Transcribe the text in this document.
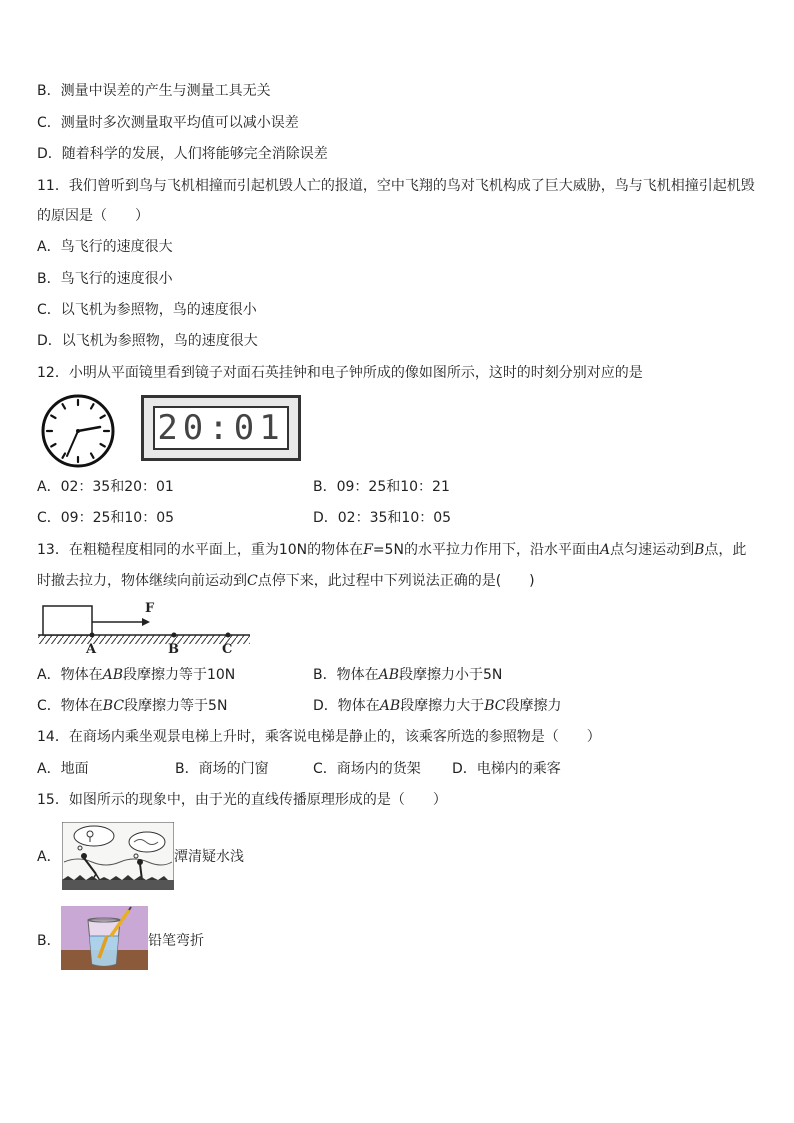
B．测量中误差的产生与测量工具无关
C．测量时多次测量取平均值可以减小误差
D．随着科学的发展，人们将能够完全消除误差
11．我们曾听到鸟与飞机相撞而引起机毁人亡的报道，空中飞翔的鸟对飞机构成了巨大威胁，鸟与飞机相撞引起机毁
的原因是（　　）
A．鸟飞行的速度很大
B．鸟飞行的速度很小
C．以飞机为参照物，鸟的速度很小
D．以飞机为参照物，鸟的速度很大
12．小明从平面镜里看到镜子对面石英挂钟和电子钟所成的像如图所示，这时的时刻分别对应的是
20:01
A．02：35和20：01	B．09：25和10：21
C．09：25和10：05	D．02：35和10：05
13．在粗糙程度相同的水平面上，重为10N的物体在F=5N的水平拉力作用下，沿水平面由A点匀速运动到B点，此
时撤去拉力，物体继续向前运动到C点停下来，此过程中下列说法正确的是(　　)
F
A	B	C
A．物体在AB段摩擦力等于10N	B．物体在AB段摩擦力小于5N
C．物体在BC段摩擦力等于5N	D．物体在AB段摩擦力大于BC段摩擦力
14．在商场内乘坐观景电梯上升时，乘客说电梯是静止的，该乘客所选的参照物是（　　）
A．地面	B．商场的门窗	C．商场内的货架 D．电梯内的乘客
15．如图所示的现象中，由于光的直线传播原理形成的是（　　）
A．	潭清疑水浅
B．	铅笔弯折
